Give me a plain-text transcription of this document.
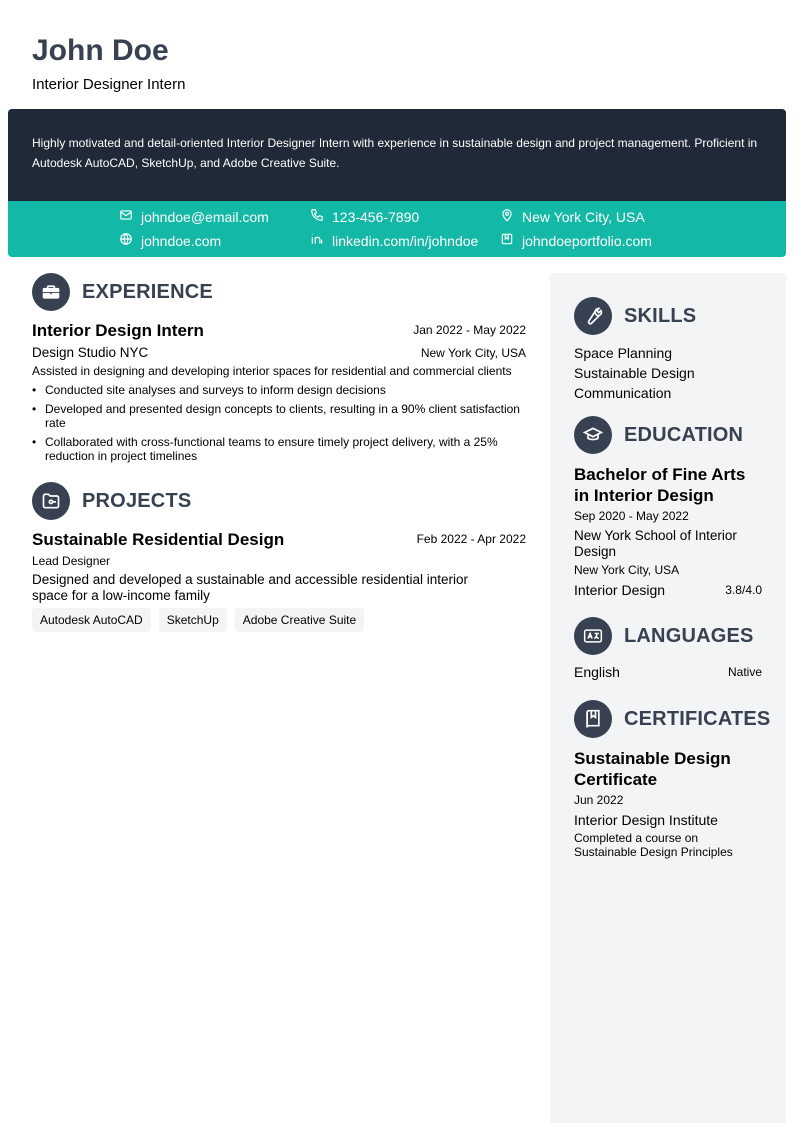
John Doe
Interior Designer Intern
Highly motivated and detail-oriented Interior Designer Intern with experience in sustainable design and project management. Proficient in Autodesk AutoCAD, SketchUp, and Adobe Creative Suite.
johndoe@email.com	123-456-7890	New York City, USA
johndoe.com	linkedin.com/in/johndoe	johndoeportfolio.com
EXPERIENCE
Interior Design Intern	Jan 2022 - May 2022
Design Studio NYC	New York City, USA
Assisted in designing and developing interior spaces for residential and commercial clients
• Conducted site analyses and surveys to inform design decisions
• Developed and presented design concepts to clients, resulting in a 90% client satisfaction rate
• Collaborated with cross-functional teams to ensure timely project delivery, with a 25% reduction in project timelines
PROJECTS
Sustainable Residential Design	Feb 2022 - Apr 2022
Lead Designer
Designed and developed a sustainable and accessible residential interior space for a low-income family
Autodesk AutoCAD	SketchUp	Adobe Creative Suite
SKILLS
Space Planning
Sustainable Design
Communication
EDUCATION
Bachelor of Fine Arts in Interior Design
Sep 2020 - May 2022
New York School of Interior Design
New York City, USA
Interior Design	3.8/4.0
LANGUAGES
English	Native
CERTIFICATES
Sustainable Design Certificate
Jun 2022
Interior Design Institute
Completed a course on Sustainable Design Principles
